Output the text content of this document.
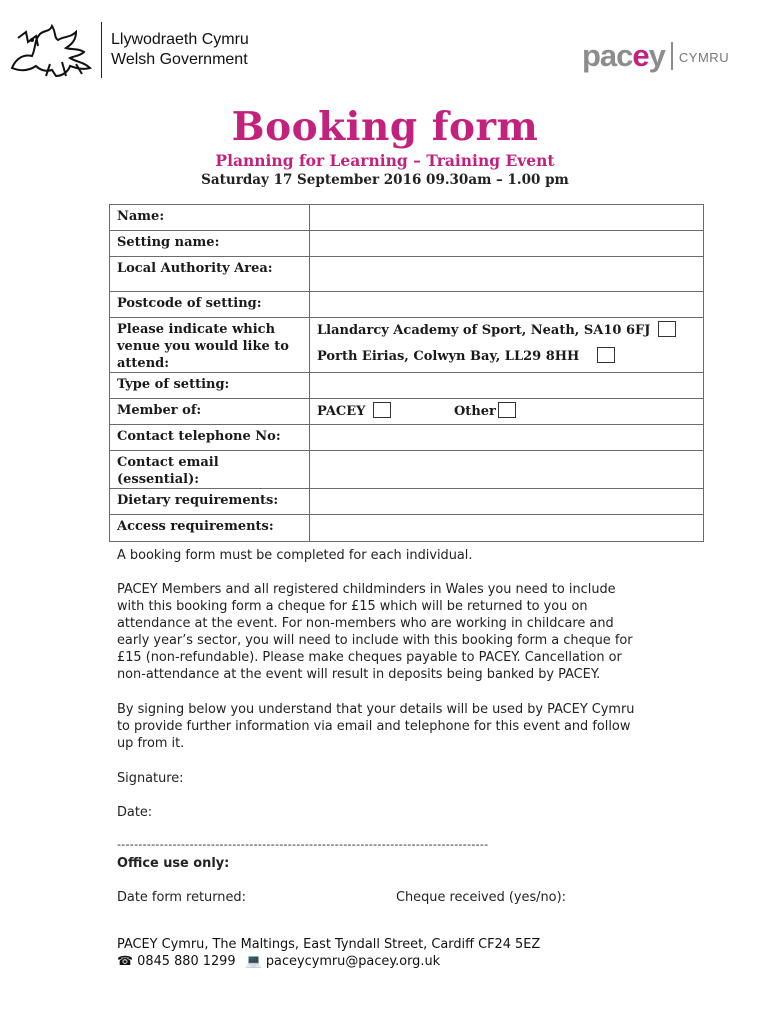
Llywodraeth Cymru
Welsh Government	pacey $^{CYMRU}$
Booking form
Planning for Learning – Training Event
Saturday 17 September 2016 09.30am – 1.00 pm
Name:	
Setting name:	
Local Authority Area:	
Postcode of setting:	
Please indicate which venue you would like to attend:	Llandarcy Academy of Sport, Neath, SA10 6FJ
Porth Eirias, Colwyn Bay, LL29 8HH

Type of setting:	
Member of:	PACEY Other
Contact telephone No:	
Contact email (essential):	
Dietary requirements:	
Access requirements:	
A booking form must be completed for each individual.
PACEY Members and all registered childminders in Wales you need to include
with this booking form a cheque for £15 which will be returned to you on
attendance at the event. For non-members who are working in childcare and
early year’s sector, you will need to include with this booking form a cheque for
£15 (non-refundable). Please make cheques payable to PACEY. Cancellation or
non-attendance at the event will result in deposits being banked by PACEY.
By signing below you understand that your details will be used by PACEY Cymru
to provide further information via email and telephone for this event and follow
up from it.
Signature:
Date:
---------------------------------------------------------------------------------------
Office use only:
Date form returned:	Cheque received (yes/no):
PACEY Cymru, The Maltings, East Tyndall Street, Cardiff CF24 5EZ
☎ 0845 880 1299 💻 paceycymru@pacey.org.uk
